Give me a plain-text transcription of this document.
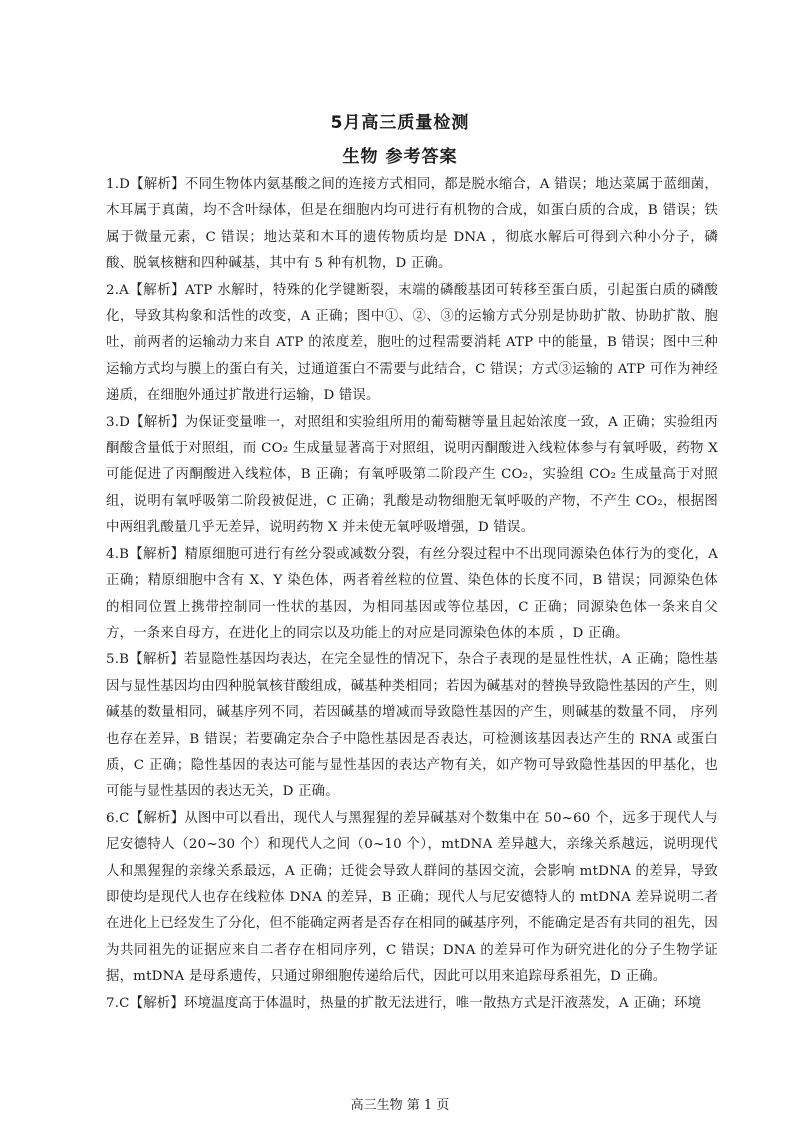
5月高三质量检测
生物 参考答案

1.D【解析】不同生物体内氨基酸之间的连接方式相同，都是脱水缩合，A 错误；地达菜属于蓝细菌，木耳属于真菌，均不含叶绿体，但是在细胞内均可进行有机物的合成，如蛋白质的合成，B 错误；铁属于微量元素，C 错误；地达菜和木耳的遗传物质均是 DNA ，彻底水解后可得到六种小分子，磷酸、脱氧核糖和四种碱基，其中有 5 种有机物，D 正确。

2.A【解析】ATP 水解时，特殊的化学键断裂，末端的磷酸基团可转移至蛋白质，引起蛋白质的磷酸化，导致其构象和活性的改变，A 正确；图中①、②、③的运输方式分别是协助扩散、协助扩散、胞吐，前两者的运输动力来自 ATP 的浓度差，胞吐的过程需要消耗 ATP 中的能量，B 错误；图中三种运输方式均与膜上的蛋白有关，过通道蛋白不需要与此结合，C 错误；方式③运输的 ATP 可作为神经递质，在细胞外通过扩散进行运输，D 错误。

3.D【解析】为保证变量唯一，对照组和实验组所用的葡萄糖等量且起始浓度一致，A 正确；实验组丙酮酸含量低于对照组，而 CO₂ 生成量显著高于对照组，说明丙酮酸进入线粒体参与有氧呼吸，药物 X 可能促进了丙酮酸进入线粒体，B 正确；有氧呼吸第二阶段产生 CO₂，实验组 CO₂ 生成量高于对照组，说明有氧呼吸第二阶段被促进，C 正确；乳酸是动物细胞无氧呼吸的产物，不产生 CO₂，根据图中两组乳酸量几乎无差异，说明药物 X 并未使无氧呼吸增强，D 错误。

4.B【解析】精原细胞可进行有丝分裂或减数分裂，有丝分裂过程中不出现同源染色体行为的变化，A 正确；精原细胞中含有 X、Y 染色体，两者着丝粒的位置、染色体的长度不同，B 错误；同源染色体的相同位置上携带控制同一性状的基因，为相同基因或等位基因，C 正确；同源染色体一条来自父方，一条来自母方，在进化上的同宗以及功能上的对应是同源染色体的本质 ，D 正确。

5.B【解析】若显隐性基因均表达，在完全显性的情况下，杂合子表现的是显性性状，A 正确；隐性基因与显性基因均由四种脱氧核苷酸组成，碱基种类相同；若因为碱基对的替换导致隐性基因的产生，则碱基的数量相同，碱基序列不同，若因碱基的增减而导致隐性基因的产生，则碱基的数量不同， 序列也存在差异，B 错误；若要确定杂合子中隐性基因是否表达，可检测该基因表达产生的 RNA 或蛋白质，C 正确；隐性基因的表达可能与显性基因的表达产物有关，如产物可导致隐性基因的甲基化，也可能与显性基因的表达无关，D 正确。

6.C【解析】从图中可以看出，现代人与黑猩猩的差异碱基对个数集中在 50~60 个，远多于现代人与尼安德特人（20~30 个）和现代人之间（0~10 个），mtDNA 差异越大，亲缘关系越远，说明现代人和黑猩猩的亲缘关系最远，A 正确；迁徙会导致人群间的基因交流，会影响 mtDNA 的差异，导致即使均是现代人也存在线粒体 DNA 的差异，B 正确；现代人与尼安德特人的 mtDNA 差异说明二者在进化上已经发生了分化，但不能确定两者是否存在相同的碱基序列，不能确定是否有共同的祖先，因为共同祖先的证据应来自二者存在相同序列，C 错误；DNA 的差异可作为研究进化的分子生物学证据，mtDNA 是母系遗传，只通过卵细胞传递给后代，因此可以用来追踪母系祖先，D 正确。

7.C【解析】环境温度高于体温时，热量的扩散无法进行，唯一散热方式是汗液蒸发，A 正确；环境

高三生物 第 1 页
